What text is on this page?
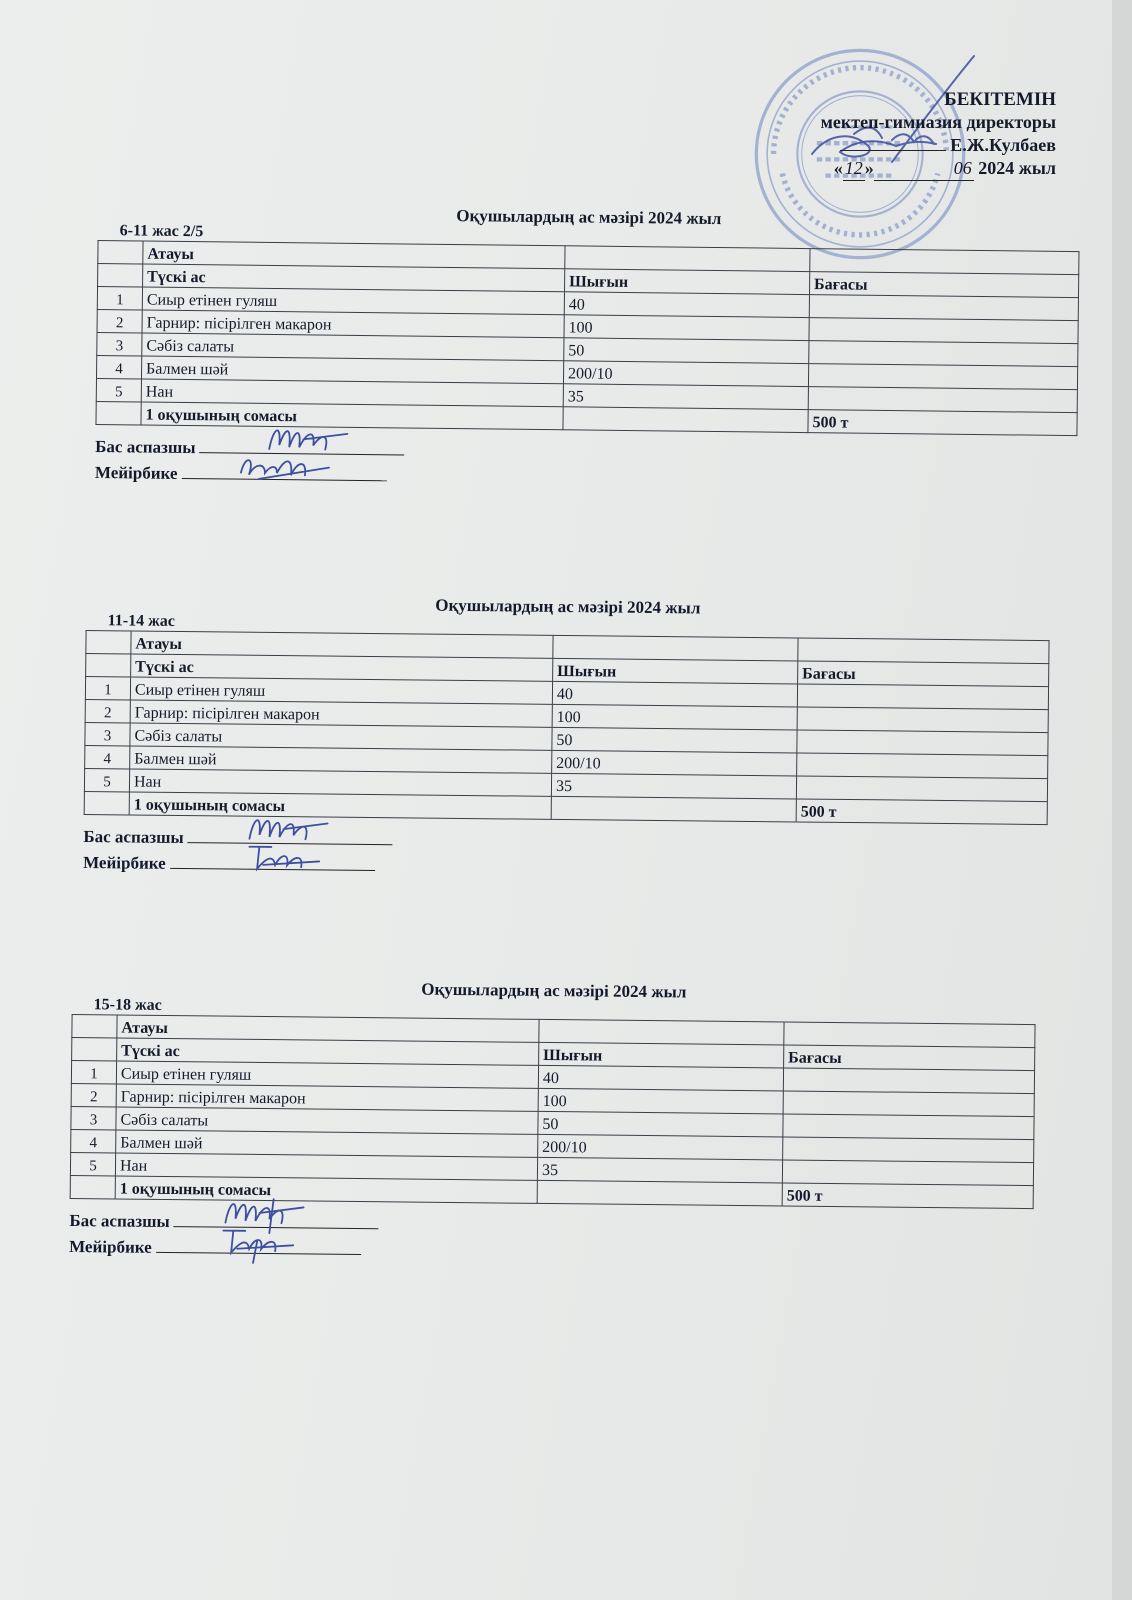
БЕКІТЕМІН
мектеп-гимназия директоры
Е.Ж.Кулбаев
« 12 »	06 2024 жыл
Оқушылардың ас мәзірі 2024 жыл
6-11 жас 2/5
	Атауы		
	Түскі ас	Шығын	Бағасы
1	Сиыр етінен гуляш	40	
2	Гарнир: пісірілген макарон	100	
3	Сәбіз салаты	50	
4	Балмен шәй	200/10	
5	Нан	35	
	1 оқушының сомасы		500 т
Бас аспазшы
Мейірбике
Оқушылардың ас мәзірі 2024 жыл
11-14 жас
	Атауы		
	Түскі ас	Шығын	Бағасы
1	Сиыр етінен гуляш	40	
2	Гарнир: пісірілген макарон	100	
3	Сәбіз салаты	50	
4	Балмен шәй	200/10	
5	Нан	35	
	1 оқушының сомасы		500 т
Бас аспазшы
Мейірбике
Оқушылардың ас мәзірі 2024 жыл
15-18 жас
	Атауы		
	Түскі ас	Шығын	Бағасы
1	Сиыр етінен гуляш	40	
2	Гарнир: пісірілген макарон	100	
3	Сәбіз салаты	50	
4	Балмен шәй	200/10	
5	Нан	35	
	1 оқушының сомасы		500 т
Бас аспазшы
Мейірбике
